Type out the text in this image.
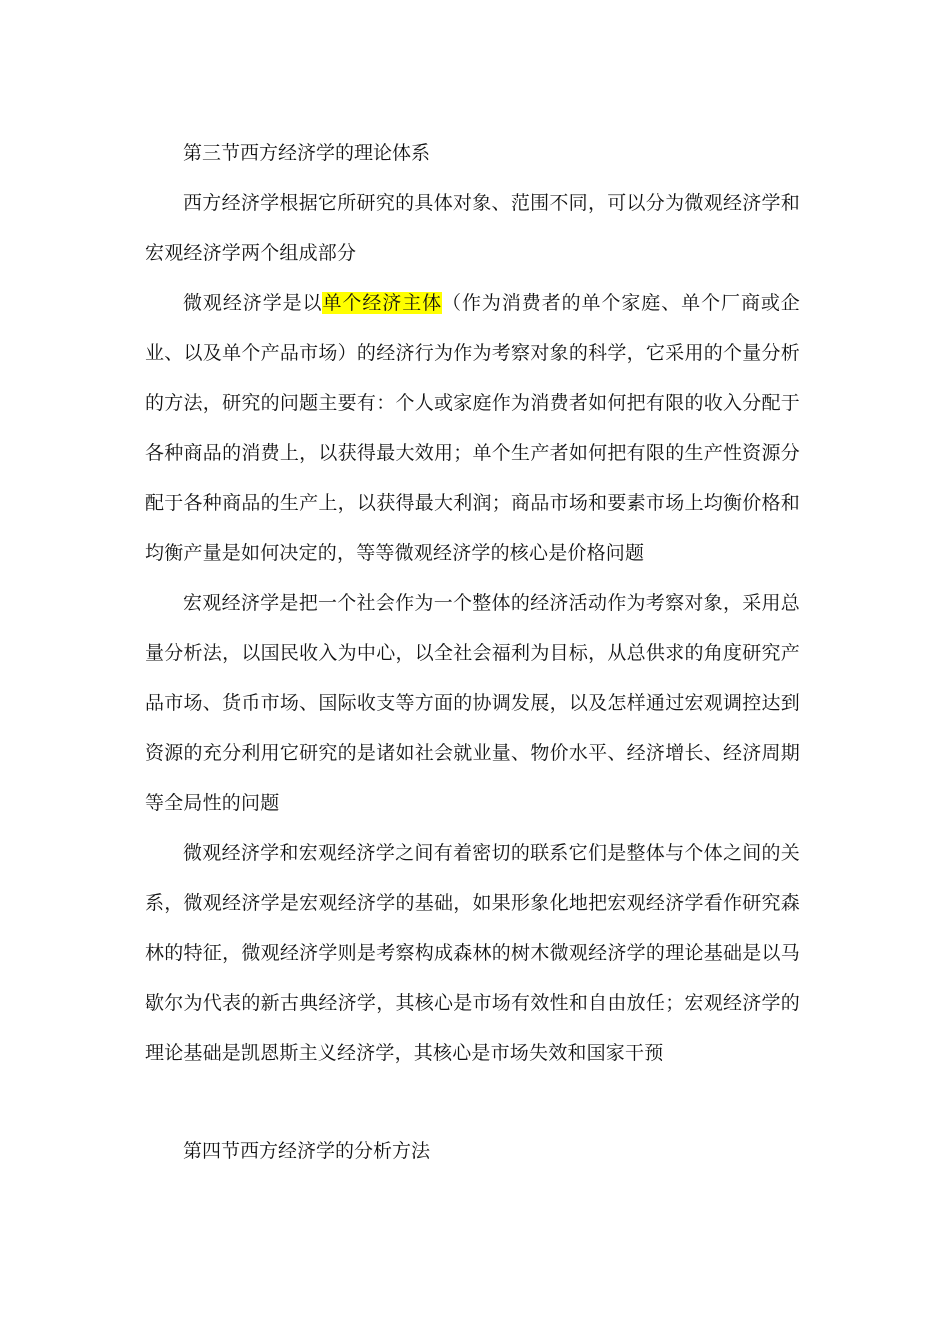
第三节西方经济学的理论体系

西方经济学根据它所研究的具体对象、范围不同，可以分为微观经济学和宏观经济学两个组成部分

微观经济学是以单个经济主体（作为消费者的单个家庭、单个厂商或企业、以及单个产品市场）的经济行为作为考察对象的科学，它采用的个量分析的方法，研究的问题主要有：个人或家庭作为消费者如何把有限的收入分配于各种商品的消费上，以获得最大效用；单个生产者如何把有限的生产性资源分配于各种商品的生产上，以获得最大利润；商品市场和要素市场上均衡价格和均衡产量是如何决定的，等等微观经济学的核心是价格问题

宏观经济学是把一个社会作为一个整体的经济活动作为考察对象，采用总量分析法，以国民收入为中心，以全社会福利为目标，从总供求的角度研究产品市场、货币市场、国际收支等方面的协调发展，以及怎样通过宏观调控达到资源的充分利用它研究的是诸如社会就业量、物价水平、经济增长、经济周期等全局性的问题

微观经济学和宏观经济学之间有着密切的联系它们是整体与个体之间的关系，微观经济学是宏观经济学的基础，如果形象化地把宏观经济学看作研究森林的特征，微观经济学则是考察构成森林的树木微观经济学的理论基础是以马歇尔为代表的新古典经济学，其核心是市场有效性和自由放任；宏观经济学的理论基础是凯恩斯主义经济学，其核心是市场失效和国家干预

第四节西方经济学的分析方法
